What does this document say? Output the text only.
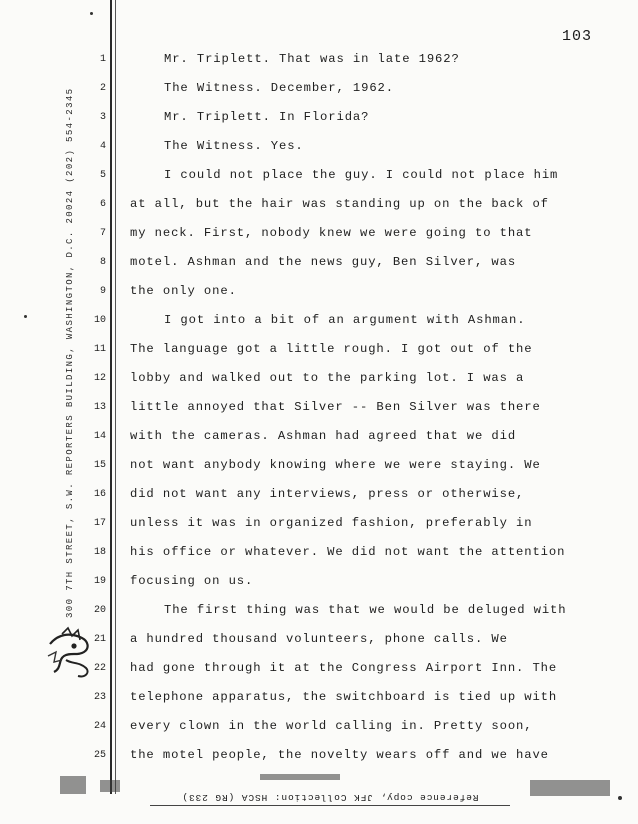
103
300 7TH STREET, S.W. REPORTERS BUILDING, WASHINGTON, D.C. 20024 (202) 554-2345
1
2
3
4
5
6
7
8
9
10
11
12
13
14
15
16
17
18
19
20
21
22
23
24
25
Mr. Triplett. That was in late 1962?
The Witness. December, 1962.
Mr. Triplett. In Florida?
The Witness. Yes.
I could not place the guy. I could not place him
at all, but the hair was standing up on the back of
my neck. First, nobody knew we were going to that
motel. Ashman and the news guy, Ben Silver, was
the only one.
I got into a bit of an argument with Ashman.
The language got a little rough. I got out of the
lobby and walked out to the parking lot. I was a
little annoyed that Silver -- Ben Silver was there
with the cameras. Ashman had agreed that we did
not want anybody knowing where we were staying. We
did not want any interviews, press or otherwise,
unless it was in organized fashion, preferably in
his office or whatever. We did not want the attention
focusing on us.
The first thing was that we would be deluged with
a hundred thousand volunteers, phone calls. We
had gone through it at the Congress Airport Inn. The
telephone apparatus, the switchboard is tied up with
every clown in the world calling in. Pretty soon,
the motel people, the novelty wears off and we have
Reference copy, JFK Collection: HSCA (RG 233)
